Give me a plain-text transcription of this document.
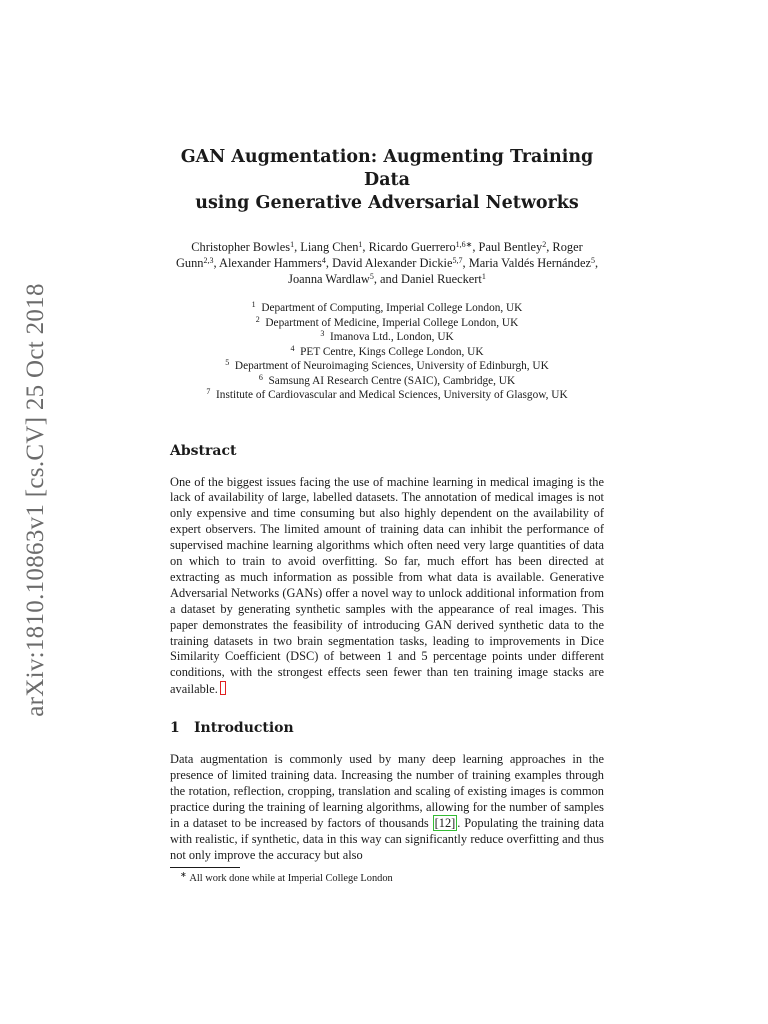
arXiv:1810.10863v1 [cs.CV] 25 Oct 2018
GAN Augmentation: Augmenting Training Data
using Generative Adversarial Networks
Christopher Bowles$^1$, Liang Chen$^1$, Ricardo Guerrero$^{1,6∗}$, Paul Bentley$^2$, Roger Gunn$^{2,3}$, Alexander Hammers$^4$, David Alexander Dickie$^{5,7}$, Maria Valdés Hernández$^5$, Joanna Wardlaw$^5$, and Daniel Rueckert$^1$
$^1$ Department of Computing, Imperial College London, UK
$^2$ Department of Medicine, Imperial College London, UK
$^3$ Imanova Ltd., London, UK
$^4$ PET Centre, Kings College London, UK
$^5$ Department of Neuroimaging Sciences, University of Edinburgh, UK
$^6$ Samsung AI Research Centre (SAIC), Cambridge, UK
$^7$ Institute of Cardiovascular and Medical Sciences, University of Glasgow, UK
Abstract

One of the biggest issues facing the use of machine learning in medical imaging is the lack of availability of large, labelled datasets. The annotation of medical images is not only expensive and time consuming but also highly dependent on the availability of expert observers. The limited amount of training data can inhibit the performance of supervised machine learning algorithms which often need very large quantities of data on which to train to avoid overfitting. So far, much effort has been directed at extracting as much information as possible from what data is available. Generative Adversarial Networks (GANs) offer a novel way to unlock additional information from a dataset by generating synthetic samples with the appearance of real images. This paper demonstrates the feasibility of introducing GAN derived synthetic data to the training datasets in two brain segmentation tasks, leading to improvements in Dice Similarity Coefficient (DSC) of between 1 and 5 percentage points under different conditions, with the strongest effects seen fewer than ten training image stacks are available.

1 Introduction

Data augmentation is commonly used by many deep learning approaches in the presence of limited training data. Increasing the number of training examples through the rotation, reflection, cropping, translation and scaling of existing images is common practice during the training of learning algorithms, allowing for the number of samples in a dataset to be increased by factors of thousands [12] . Populating the training data with realistic, if synthetic, data in this way can significantly reduce overfitting and thus not only improve the accuracy but also

∗ All work done while at Imperial College London
